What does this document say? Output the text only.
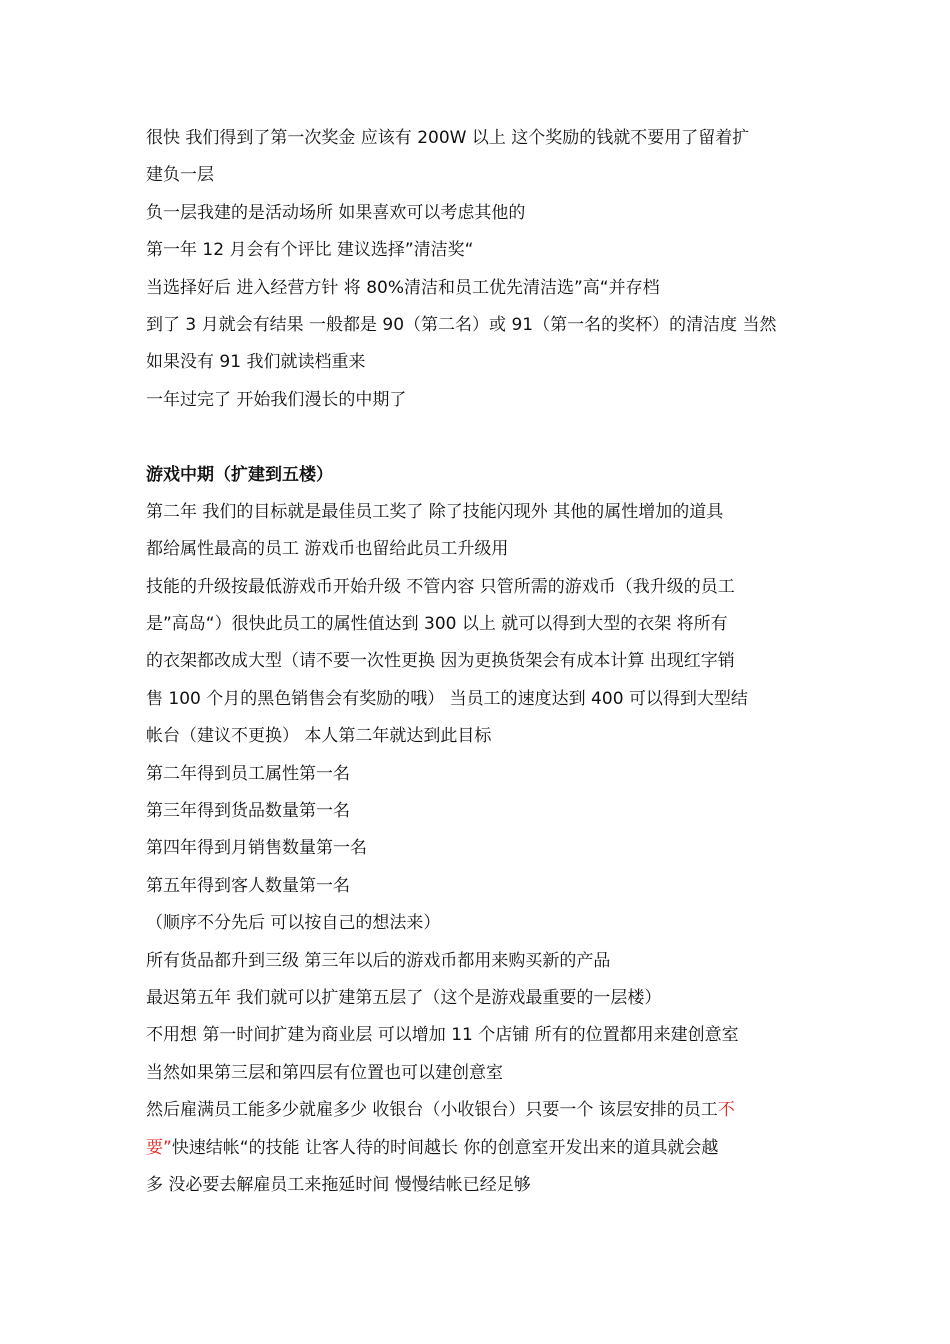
很快 我们得到了第一次奖金 应该有 200W 以上 这个奖励的钱就不要用了留着扩
建负一层
负一层我建的是活动场所 如果喜欢可以考虑其他的
第一年 12 月会有个评比 建议选择”清洁奖“
当选择好后 进入经营方针 将 80%清洁和员工优先清洁选”高“并存档
到了 3 月就会有结果 一般都是 90（第二名）或 91（第一名的奖杯）的清洁度 当然
如果没有 91 我们就读档重来
一年过完了 开始我们漫长的中期了
游戏中期（扩建到五楼）
第二年 我们的目标就是最佳员工奖了 除了技能闪现外 其他的属性增加的道具
都给属性最高的员工 游戏币也留给此员工升级用
技能的升级按最低游戏币开始升级 不管内容 只管所需的游戏币（我升级的员工
是”高岛“）很快此员工的属性值达到 300 以上 就可以得到大型的衣架 将所有
的衣架都改成大型（请不要一次性更换 因为更换货架会有成本计算 出现红字销
售 100 个月的黑色销售会有奖励的哦） 当员工的速度达到 400 可以得到大型结
帐台（建议不更换） 本人第二年就达到此目标
第二年得到员工属性第一名
第三年得到货品数量第一名
第四年得到月销售数量第一名
第五年得到客人数量第一名
（顺序不分先后 可以按自己的想法来）
所有货品都升到三级 第三年以后的游戏币都用来购买新的产品
最迟第五年 我们就可以扩建第五层了（这个是游戏最重要的一层楼）
不用想 第一时间扩建为商业层 可以增加 11 个店铺 所有的位置都用来建创意室
当然如果第三层和第四层有位置也可以建创意室
然后雇满员工能多少就雇多少 收银台（小收银台）只要一个 该层安排的员工不
要”快速结帐“的技能 让客人待的时间越长 你的创意室开发出来的道具就会越
多 没必要去解雇员工来拖延时间 慢慢结帐已经足够
